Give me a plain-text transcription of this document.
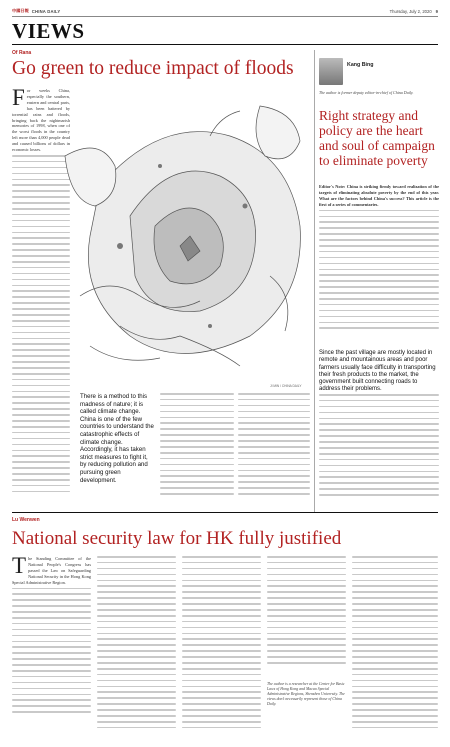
中國日報 CHINA DAILY	Thursday, July 2, 2020 9
VIEWS
Of Rana
Go green to reduce impact of floods
F or weeks China, especially the southern, eastern and central parts, has been battered by torrential rains and floods, bringing back the nightmarish memories of 1998, when one of the worst floods in the country left more than 4,000 people dead and caused billions of dollars in economic losses.

JI MIN / CHINA DAILY
There is a method to this madness of nature; it is called climate change. China is one of the few countries to understand the catastrophic effects of climate change. Accordingly, it has taken strict measures to fight it, by reducing pollution and pursuing green development.
Kang Bing
The author is former deputy editor-in-chief of China Daily.
Right strategy and policy are the heart and soul of campaign to eliminate poverty

Editor's Note: China is striking firmly toward realization of the targets of eliminating absolute poverty by the end of this year. What are the factors behind China's success? This article is the first of a series of commentaries.

Since the past village are mostly located in remote and mountainous areas and poor farmers usually face difficulty in transporting their fresh products to the market, the government built connecting roads to address their problems.
Lu Wenwen
National security law for HK fully justified
T he Standing Committee of the National People's Congress has passed the Law on Safeguarding National Security in the Hong Kong Special Administrative Region.

The author is a researcher at the Center for Basic Laws of Hong Kong and Macao Special Administrative Regions, Shenzhen University. The views don't necessarily represent those of China Daily.
